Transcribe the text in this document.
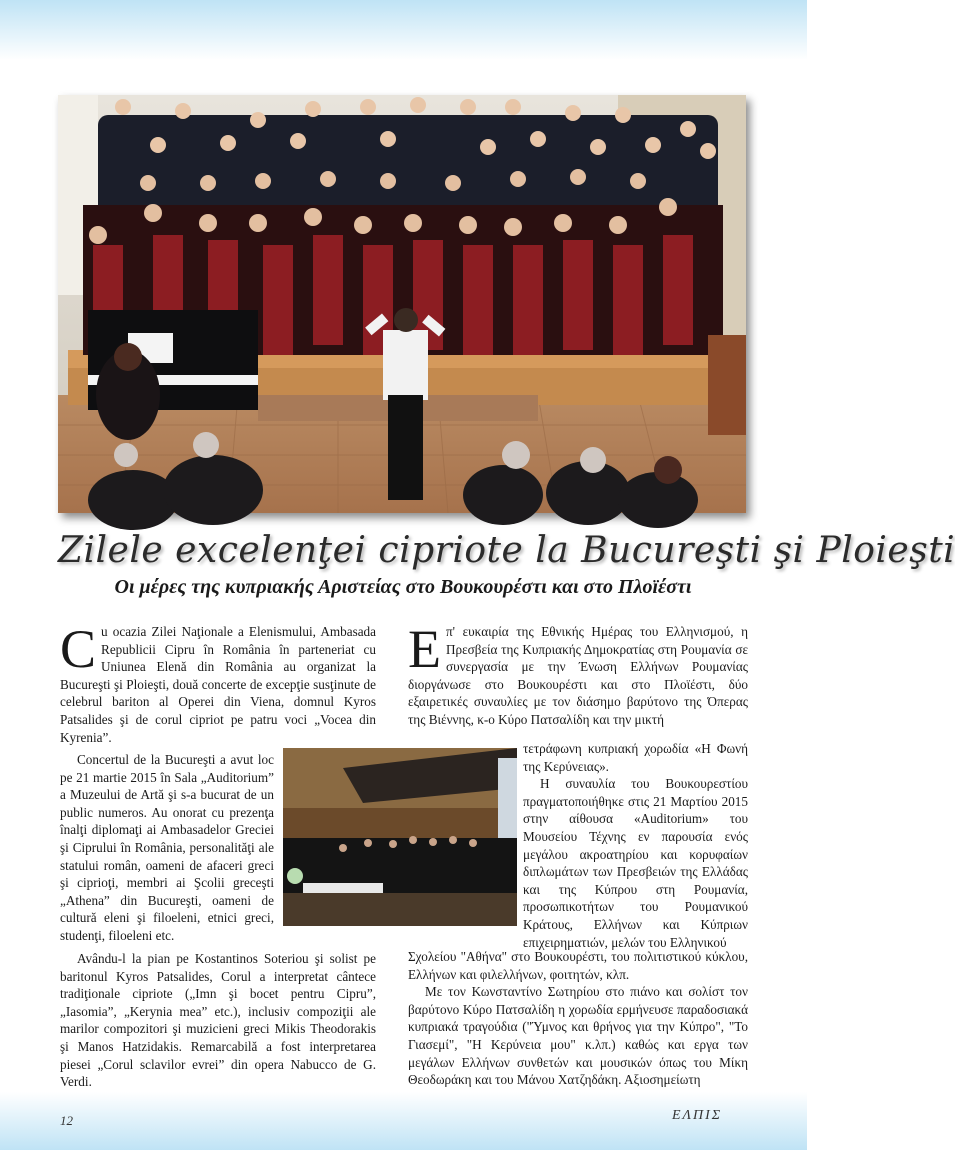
Zilele excelenţei cipriote la Bucureşti şi Ploieşti
Οι μέρες της κυπριακής Αριστείας στο Βουκουρέστι και στο Πλοϊέστι
C u ocazia Zilei Naţionale a Elenismului, Ambasada Republicii Cipru în România în parteneriat cu Uniunea Elenă din România au organizat la Bucureşti şi Ploieşti, două concerte de excepţie susţinute de celebrul bariton al Operei din Viena, domnul Kyros Patsalides şi de corul cipriot pe patru voci „Vocea din Kyrenia”.
Concertul de la Bucureşti a avut loc pe 21 martie 2015 în Sala „Auditorium” a Muzeului de Artă şi s-a bucurat de un public numeros. Au onorat cu prezenţa înalţi diplomaţi ai Ambasadelor Greciei şi Ciprului în România, personalităţi ale statului român, oameni de afaceri greci şi ciprioţi, membri ai Şcolii greceşti „Athena” din Bucureşti, oameni de cultură eleni şi filoeleni, etnici greci, studenţi, filoeleni etc.
Avându-l la pian pe Kostantinos Soteriou şi solist pe baritonul Kyros Patsalides, Corul a interpretat cântece tradiţionale cipriote („Imn şi bocet pentru Cipru”, „Iasomia”, „Kerynia mea” etc.), inclusiv compoziţii ale marilor compozitori şi muzicieni greci Mikis Theodorakis şi Manos Hatzidakis. Remarcabilă a fost interpretarea piesei „Corul sclavilor evrei” din opera Nabucco de G. Verdi.
Ε π' ευκαιρία της Εθνικής Ημέρας του Ελληνισμού, η Πρεσβεία της Κυπριακής Δημοκρατίας στη Ρουμανία σε συνεργασία με την Ένωση Ελλήνων Ρουμανίας διοργάνωσε στο Βουκουρέστι και στο Πλοϊέστι, δύο εξαιρετικές συναυλίες με τον διάσημο βαρύτονο της Όπερας της Βιέννης, κ-ο Κύρο Πατσαλίδη και την μικτή

τετράφωνη κυπριακή χορωδία «Η Φωνή της Κερύνειας».

Η συναυλία του Βουκουρεστίου πραγματοποιήθηκε στις 21 Μαρτίου 2015 στην αίθουσα «Auditorium» του Μουσείου Τέχνης εν παρουσία ενός μεγάλου ακροατηρίου και κορυφαίων διπλωμάτων των Πρεσβειών της Ελλάδας και της Κύπρου στη Ρουμανία, προσωπικοτήτων του Ρουμανικού Κράτους, Ελλήνων και Κύπριων επιχειρηματιών, μελών του Ελληνικού

Σχολείου "Αθήνα" στο Βουκουρέστι, του πολιτιστικού κύκλου, Ελλήνων και φιλελλήνων, φοιτητών, κλπ.

Με τον Κωνσταντίνο Σωτηρίου στο πιάνο και σολίστ τον βαρύτονο Κύρο Πατσαλίδη η χορωδία ερμήνευσε παραδοσιακά κυπριακά τραγούδια ("Ύμνος και θρήνος για την Κύπρο", "Το Γιασεμί", "Η Κερύνεια μου" κ.λπ.) καθώς και εργα των μεγάλων Ελλήνων συνθετών και μουσικών όπως του Μίκη Θεοδωράκη και του Μάνου Χατζηδάκη. Αξιοσημείωτη

12	ΕΛΠΙΣ
